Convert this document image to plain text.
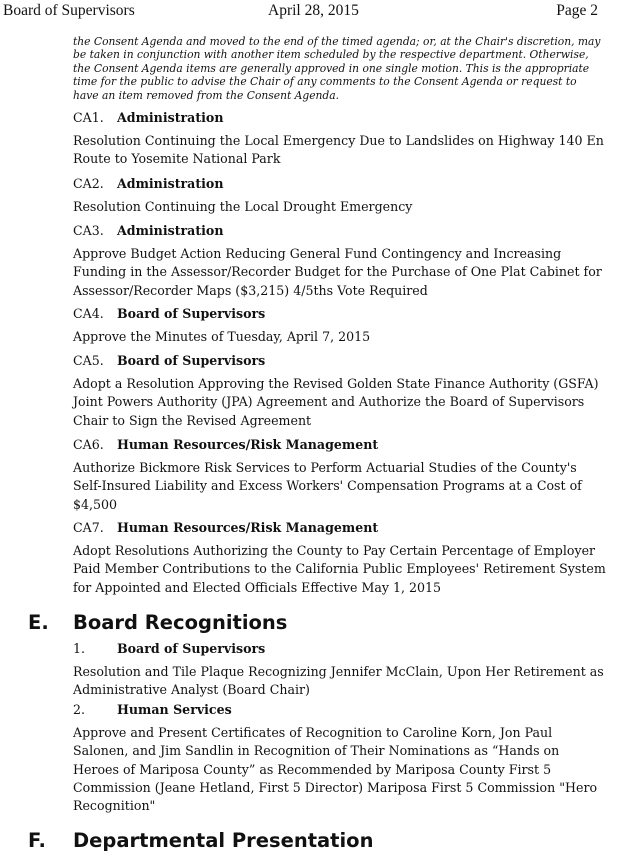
Board of Supervisors	April 28, 2015	Page 2
the Consent Agenda and moved to the end of the timed agenda; or, at the Chair's discretion, may be taken in conjunction with another item scheduled by the respective department. Otherwise, the Consent Agenda items are generally approved in one single motion. This is the appropriate time for the public to advise the Chair of any comments to the Consent Agenda or request to have an item removed from the Consent Agenda.
CA1. Administration
Resolution Continuing the Local Emergency Due to Landslides on Highway 140 En Route to Yosemite National Park
CA2. Administration
Resolution Continuing the Local Drought Emergency
CA3. Administration
Approve Budget Action Reducing General Fund Contingency and Increasing Funding in the Assessor/Recorder Budget for the Purchase of One Plat Cabinet for Assessor/Recorder Maps ($3,215) 4/5ths Vote Required
CA4. Board of Supervisors
Approve the Minutes of Tuesday, April 7, 2015
CA5. Board of Supervisors
Adopt a Resolution Approving the Revised Golden State Finance Authority (GSFA) Joint Powers Authority (JPA) Agreement and Authorize the Board of Supervisors Chair to Sign the Revised Agreement
CA6. Human Resources/Risk Management
Authorize Bickmore Risk Services to Perform Actuarial Studies of the County's Self-Insured Liability and Excess Workers' Compensation Programs at a Cost of $4,500
CA7. Human Resources/Risk Management
Adopt Resolutions Authorizing the County to Pay Certain Percentage of Employer Paid Member Contributions to the California Public Employees' Retirement System for Appointed and Elected Officials Effective May 1, 2015
E. Board Recognitions
1.	Board of Supervisors
Resolution and Tile Plaque Recognizing Jennifer McClain, Upon Her Retirement as Administrative Analyst (Board Chair)
2.	Human Services
Approve and Present Certificates of Recognition to Caroline Korn, Jon Paul Salonen, and Jim Sandlin in Recognition of Their Nominations as “Hands on Heroes of Mariposa County” as Recommended by Mariposa County First 5 Commission (Jeane Hetland, First 5 Director) Mariposa First 5 Commission "Hero Recognition"
F. Departmental Presentation
